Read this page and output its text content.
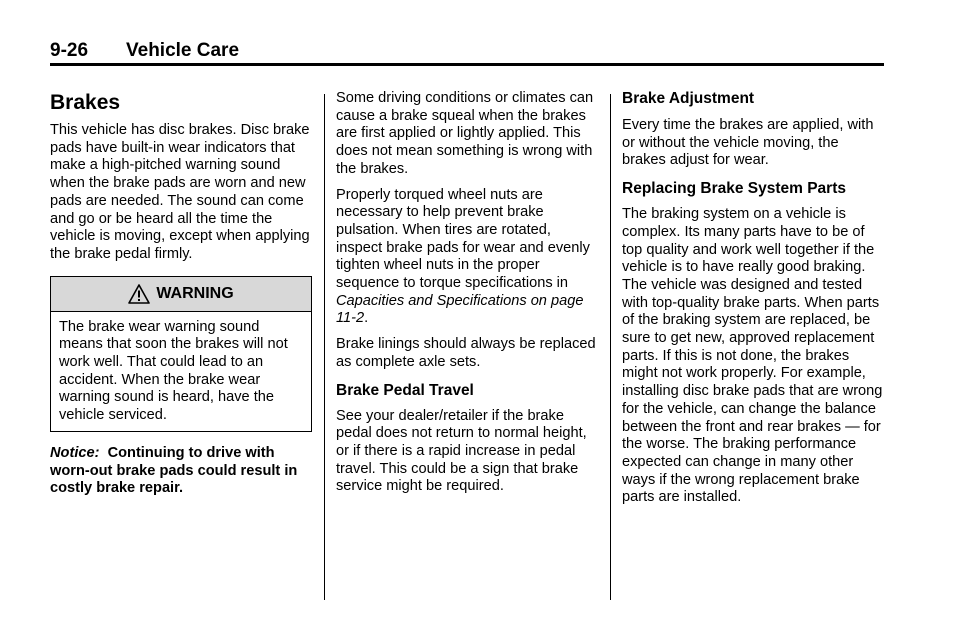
9-26 Vehicle Care
Brakes

This vehicle has disc brakes. Disc brake pads have built-in wear indicators that make a high-pitched warning sound when the brake pads are worn and new pads are needed. The sound can come and go or be heard all the time the vehicle is moving, except when applying the brake pedal firmly.

WARNING
The brake wear warning sound means that soon the brakes will not work well. That could lead to an accident. When the brake wear warning sound is heard, have the vehicle serviced.

Notice: Continuing to drive with worn-out brake pads could result in costly brake repair.

Some driving conditions or climates can cause a brake squeal when the brakes are first applied or lightly applied. This does not mean something is wrong with the brakes.

Properly torqued wheel nuts are necessary to help prevent brake pulsation. When tires are rotated, inspect brake pads for wear and evenly tighten wheel nuts in the proper sequence to torque specifications in Capacities and Specifications on page 11-2.

Brake linings should always be replaced as complete axle sets.

Brake Pedal Travel

See your dealer/retailer if the brake pedal does not return to normal height, or if there is a rapid increase in pedal travel. This could be a sign that brake service might be required.

Brake Adjustment

Every time the brakes are applied, with or without the vehicle moving, the brakes adjust for wear.

Replacing Brake System Parts

The braking system on a vehicle is complex. Its many parts have to be of top quality and work well together if the vehicle is to have really good braking. The vehicle was designed and tested with top-quality brake parts. When parts of the braking system are replaced, be sure to get new, approved replacement parts. If this is not done, the brakes might not work properly. For example, installing disc brake pads that are wrong for the vehicle, can change the balance between the front and rear brakes — for the worse. The braking performance expected can change in many other ways if the wrong replacement brake parts are installed.
